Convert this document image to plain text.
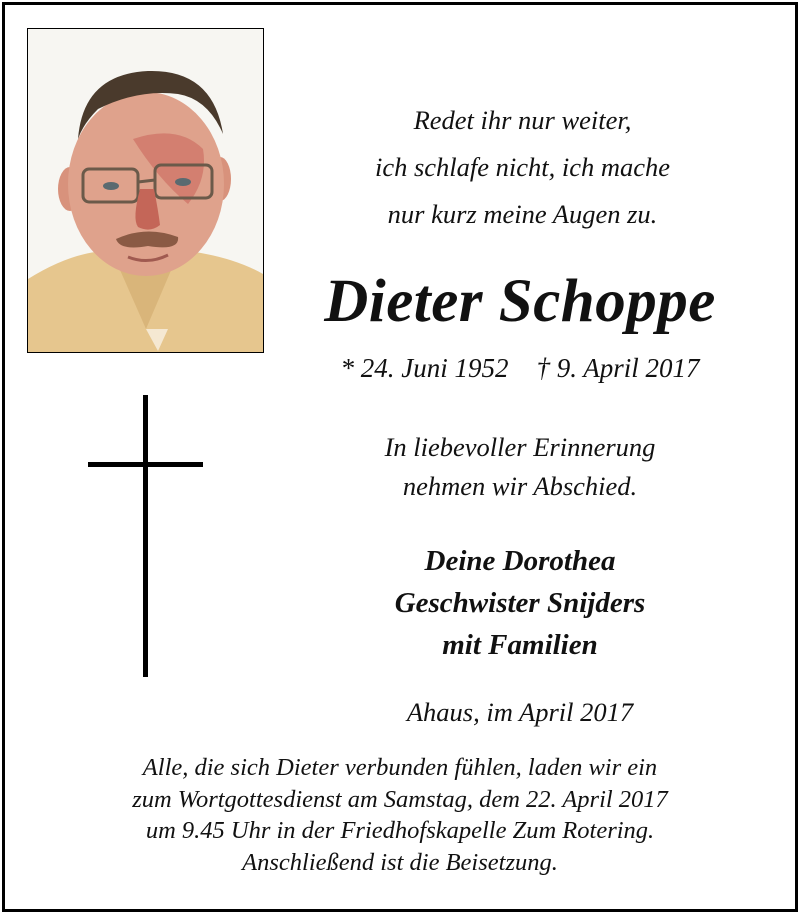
Redet ihr nur weiter,
ich schlafe nicht, ich mache
nur kurz meine Augen zu.
Dieter Schoppe
* 24. Juni 1952 † 9. April 2017
In liebevoller Erinnerung
nehmen wir Abschied.
Deine Dorothea
Geschwister Snijders
mit Familien
Ahaus, im April 2017
Alle, die sich Dieter verbunden fühlen, laden wir ein
zum Wortgottesdienst am Samstag, dem 22. April 2017
um 9.45 Uhr in der Friedhofskapelle Zum Rotering.
Anschließend ist die Beisetzung.
